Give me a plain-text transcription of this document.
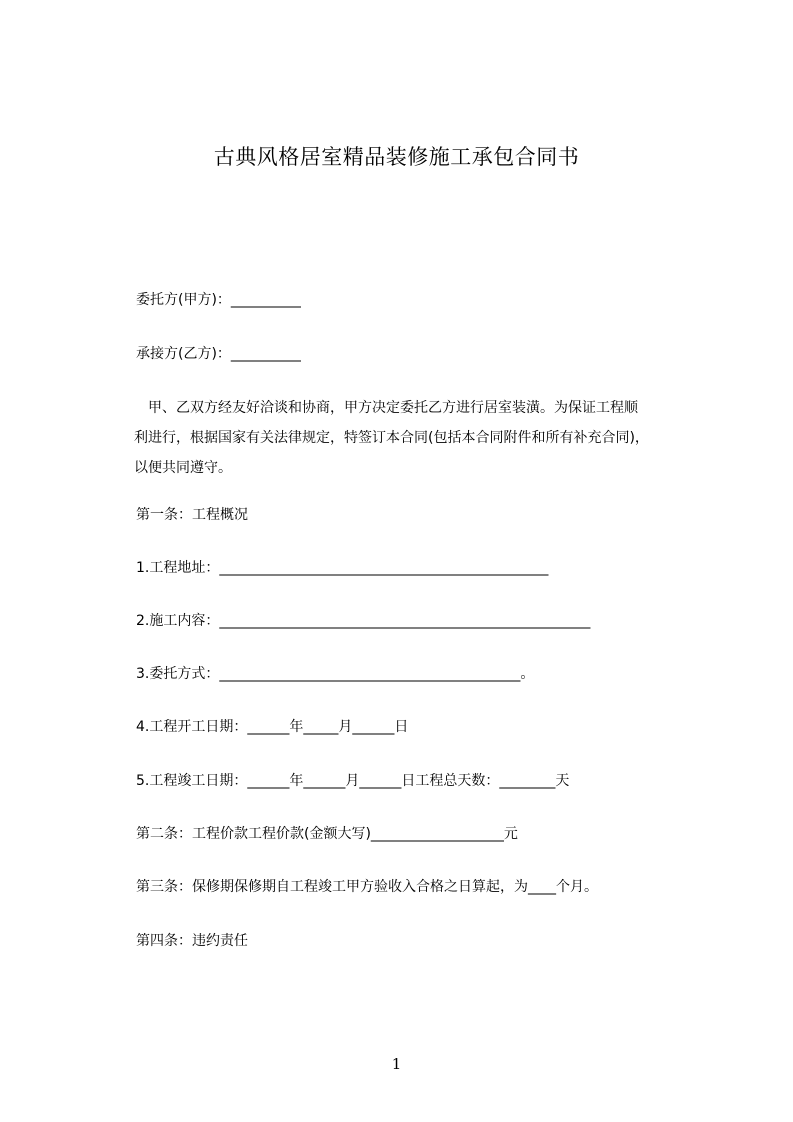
古典风格居室精品装修施工承包合同书

委托方(甲方)：__________

承接方(乙方)：__________

　甲、乙双方经友好洽谈和协商，甲方决定委托乙方进行居室装潢。为保证工程顺
利进行，根据国家有关法律规定，特签订本合同(包括本合同附件和所有补充合同)，
以便共同遵守。

第一条：工程概况

1.工程地址：_______________________________________________

2.施工内容：_____________________________________________________

3.委托方式：___________________________________________。

4.工程开工日期：______年_____月______日

5.工程竣工日期：______年______月______日工程总天数：________天

第二条：工程价款工程价款(金额大写)___________________元

第三条：保修期保修期自工程竣工甲方验收入合格之日算起，为____个月。

第四条：违约责任

1
